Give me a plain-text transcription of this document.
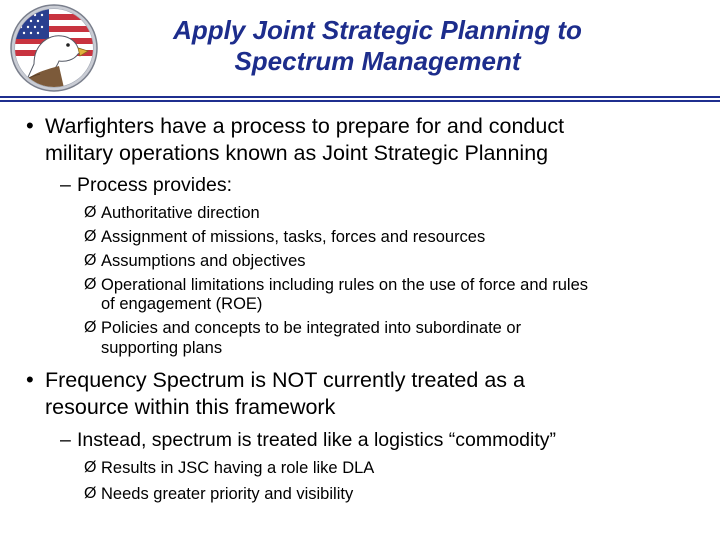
Apply Joint Strategic Planning to
Spectrum Management
• Warfighters have a process to prepare for and conduct
military operations known as Joint Strategic Planning
– Process provides:
Ø Authoritative direction
Ø Assignment of missions, tasks, forces and resources
Ø Assumptions and objectives
Ø Operational limitations including rules on the use of force and rules
of engagement (ROE)
Ø Policies and concepts to be integrated into subordinate or
supporting plans
• Frequency Spectrum is NOT currently treated as a
resource within this framework
– Instead, spectrum is treated like a logistics “commodity”
Ø Results in JSC having a role like DLA
Ø Needs greater priority and visibility
